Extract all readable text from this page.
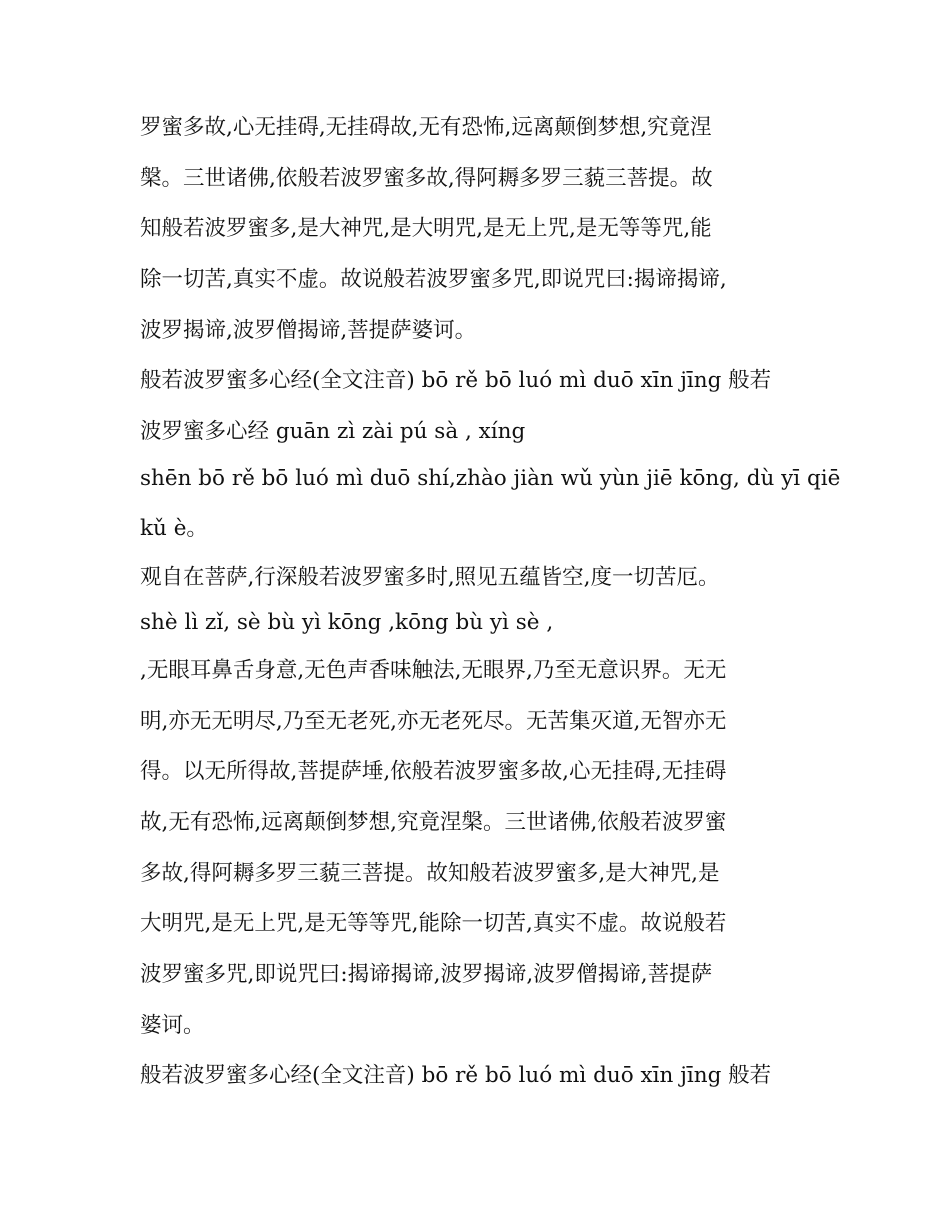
罗蜜多故,心无挂碍,无挂碍故,无有恐怖,远离颠倒梦想,究竟涅
槃。三世诸佛,依般若波罗蜜多故,得阿耨多罗三藐三菩提。故
知般若波罗蜜多,是大神咒,是大明咒,是无上咒,是无等等咒,能
除一切苦,真实不虚。故说般若波罗蜜多咒,即说咒曰:揭谛揭谛,
波罗揭谛,波罗僧揭谛,菩提萨婆诃。
般若波罗蜜多心经(全文注音) bō rě bō luó mì duō xīn jīng 般若
波罗蜜多心经 guān zì zài pú sà , xíng
shēn bō rě bō luó mì duō shí,zhào jiàn wǔ yùn jiē kōng, dù yī qiē
kǔ è。
观自在菩萨,行深般若波罗蜜多时,照见五蕴皆空,度一切苦厄。
shè lì zǐ, sè bù yì kōng ,kōng bù yì sè ,
,无眼耳鼻舌身意,无色声香味触法,无眼界,乃至无意识界。无无
明,亦无无明尽,乃至无老死,亦无老死尽。无苦集灭道,无智亦无
得。以无所得故,菩提萨埵,依般若波罗蜜多故,心无挂碍,无挂碍
故,无有恐怖,远离颠倒梦想,究竟涅槃。三世诸佛,依般若波罗蜜
多故,得阿耨多罗三藐三菩提。故知般若波罗蜜多,是大神咒,是
大明咒,是无上咒,是无等等咒,能除一切苦,真实不虚。故说般若
波罗蜜多咒,即说咒曰:揭谛揭谛,波罗揭谛,波罗僧揭谛,菩提萨
婆诃。
般若波罗蜜多心经(全文注音) bō rě bō luó mì duō xīn jīng 般若
